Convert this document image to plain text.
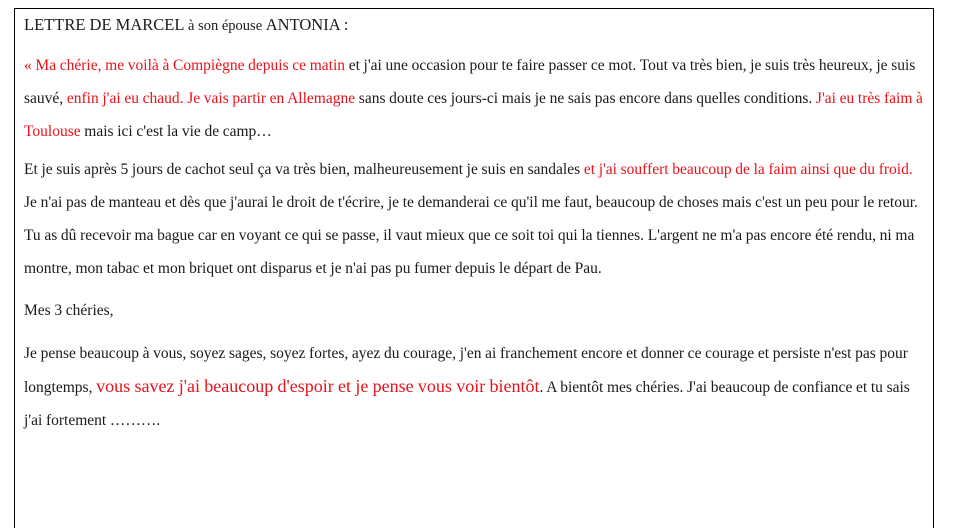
LETTRE DE MARCEL à son épouse ANTONIA :

« Ma chérie, me voilà à Compiègne depuis ce matin et j'ai une occasion pour te faire passer ce mot. Tout va très bien, je suis très heureux, je suis sauvé, enfin j'ai eu chaud. Je vais partir en Allemagne sans doute ces jours-ci mais je ne sais pas encore dans quelles conditions. J'ai eu très faim à Toulouse mais ici c'est la vie de camp…

Et je suis après 5 jours de cachot seul ça va très bien, malheureusement je suis en sandales et j'ai souffert beaucoup de la faim ainsi que du froid. Je n'ai pas de manteau et dès que j'aurai le droit de t'écrire, je te demanderai ce qu'il me faut, beaucoup de choses mais c'est un peu pour le retour. Tu as dû recevoir ma bague car en voyant ce qui se passe, il vaut mieux que ce soit toi qui la tiennes. L'argent ne m'a pas encore été rendu, ni ma montre, mon tabac et mon briquet ont disparus et je n'ai pas pu fumer depuis le départ de Pau.

Mes 3 chéries,

Je pense beaucoup à vous, soyez sages, soyez fortes, ayez du courage, j'en ai franchement encore et donner ce courage et persiste n'est pas pour longtemps, vous savez j'ai beaucoup d'espoir et je pense vous voir bientôt. A bientôt mes chéries. J'ai beaucoup de confiance et tu sais j'ai fortement ……….
